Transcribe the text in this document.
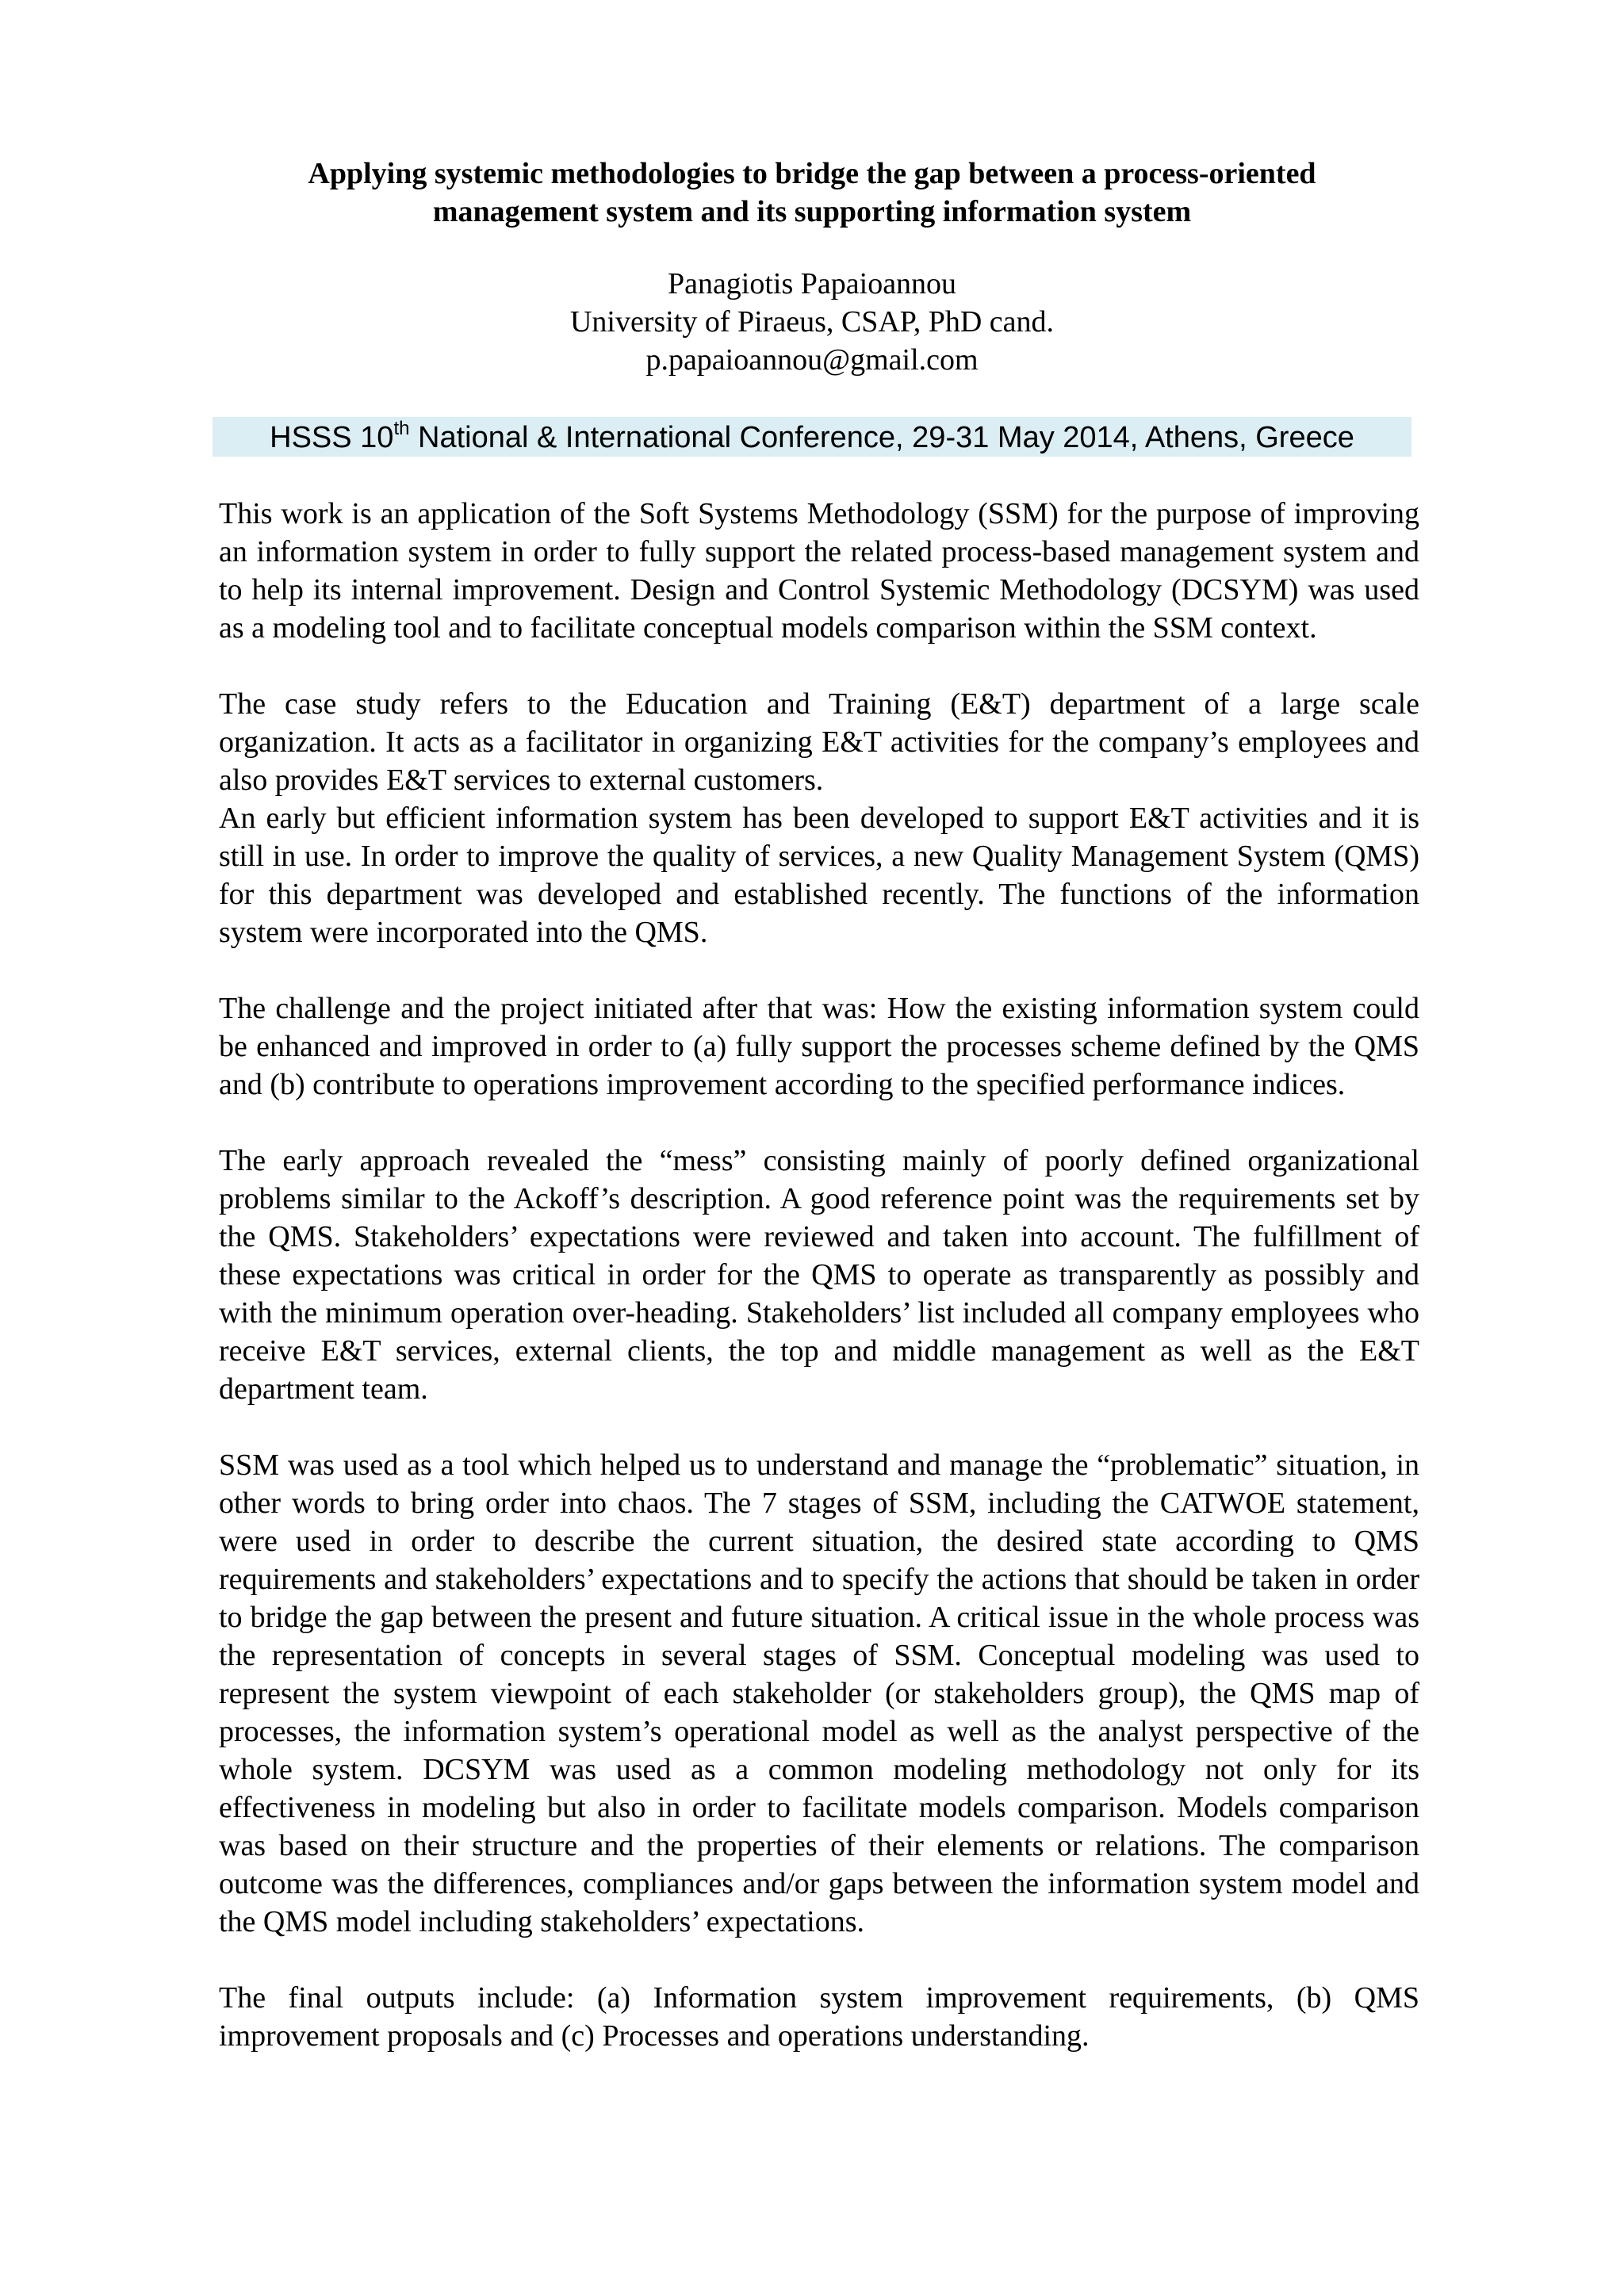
Applying systemic methodologies to bridge the gap between a process-oriented
management system and its supporting information system
Panagiotis Papaioannou
University of Piraeus, CSAP, PhD cand.
p.papaioannou@gmail.com
HSSS 10th National & International Conference, 29-31 May 2014, Athens, Greece

This work is an application of the Soft Systems Methodology (SSM) for the purpose of improving an information system in order to fully support the related process-based management system and to help its internal improvement. Design and Control Systemic Methodology (DCSYM) was used as a modeling tool and to facilitate conceptual models comparison within the SSM context.

The case study refers to the Education and Training (E&T) department of a large scale organization. It acts as a facilitator in organizing E&T activities for the company’s employees and also provides E&T services to external customers.

An early but efficient information system has been developed to support E&T activities and it is still in use. In order to improve the quality of services, a new Quality Management System (QMS) for this department was developed and established recently. The functions of the information system were incorporated into the QMS.

The challenge and the project initiated after that was: How the existing information system could be enhanced and improved in order to (a) fully support the processes scheme defined by the QMS and (b) contribute to operations improvement according to the specified performance indices.

The early approach revealed the “mess” consisting mainly of poorly defined organizational problems similar to the Ackoff’s description. A good reference point was the requirements set by the QMS. Stakeholders’ expectations were reviewed and taken into account. The fulfillment of these expectations was critical in order for the QMS to operate as transparently as possibly and with the minimum operation over-heading. Stakeholders’ list included all company employees who receive E&T services, external clients, the top and middle management as well as the E&T department team.

SSM was used as a tool which helped us to understand and manage the “problematic” situation, in other words to bring order into chaos. The 7 stages of SSM, including the CATWOE statement, were used in order to describe the current situation, the desired state according to QMS requirements and stakeholders’ expectations and to specify the actions that should be taken in order to bridge the gap between the present and future situation. A critical issue in the whole process was the representation of concepts in several stages of SSM. Conceptual modeling was used to represent the system viewpoint of each stakeholder (or stakeholders group), the QMS map of processes, the information system’s operational model as well as the analyst perspective of the whole system. DCSYM was used as a common modeling methodology not only for its effectiveness in modeling but also in order to facilitate models comparison. Models comparison was based on their structure and the properties of their elements or relations. The comparison outcome was the differences, compliances and/or gaps between the information system model and the QMS model including stakeholders’ expectations.

The final outputs include: (a) Information system improvement requirements, (b) QMS improvement proposals and (c) Processes and operations understanding.
